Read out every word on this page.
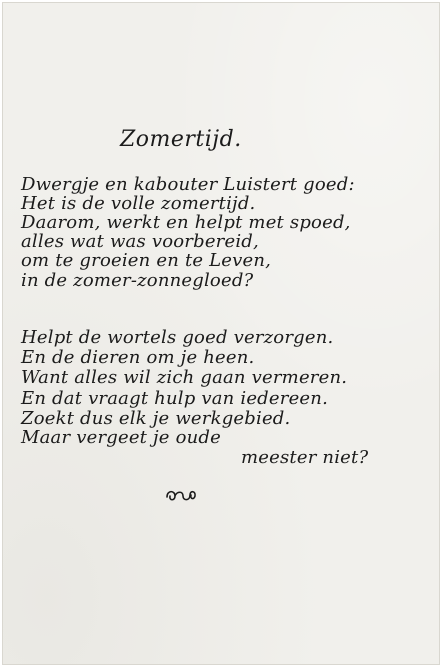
Zomertijd.

Dwergje en kabouter Luistert goed:

Het is de volle zomertijd.

Daarom, werkt en helpt met spoed,

alles wat was voorbereid,

om te groeien en te Leven,

in de zomer-zonnegloed?

Helpt de wortels goed verzorgen.

En de dieren om je heen.

Want alles wil zich gaan vermeren.

En dat vraagt hulp van iedereen.

Zoekt dus elk je werkgebied.

Maar vergeet je oude

meester niet?
